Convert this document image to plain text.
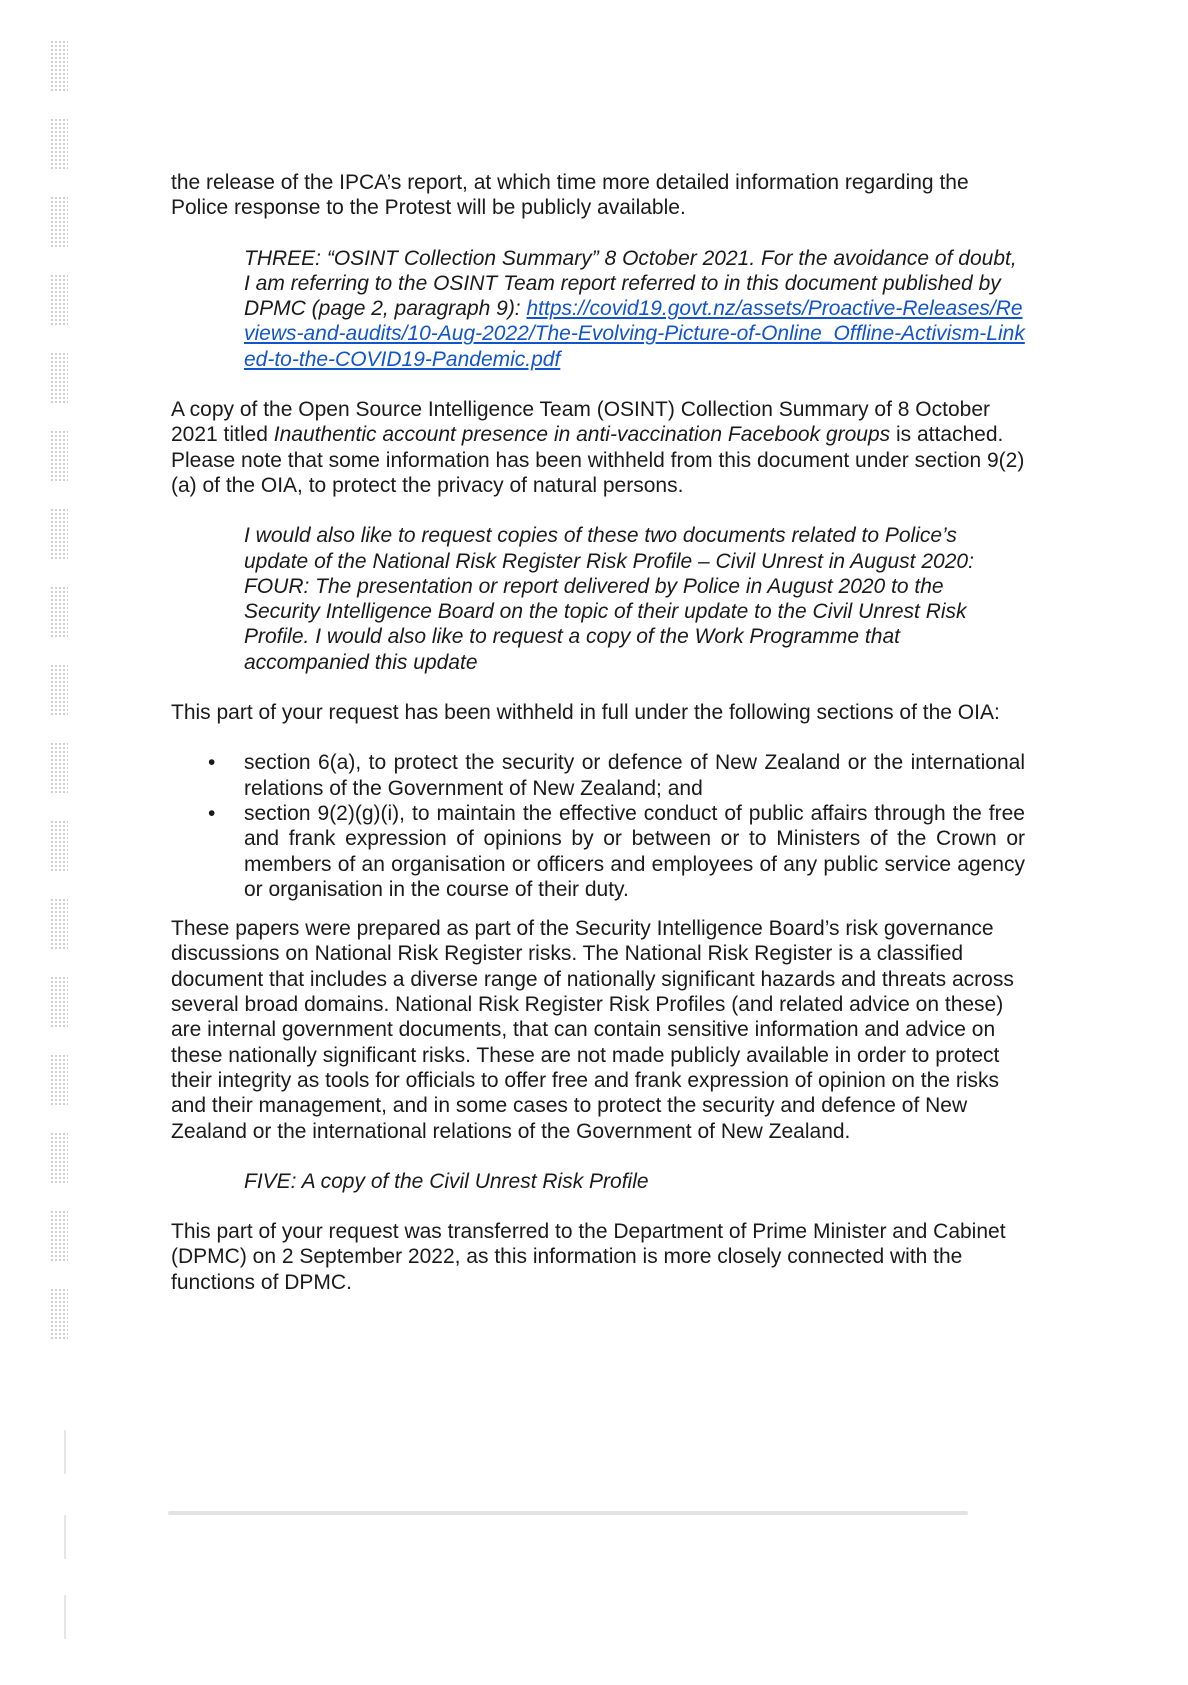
the release of the IPCA’s report, at which time more detailed information regarding the Police response to the Protest will be publicly available.

THREE: “OSINT Collection Summary” 8 October 2021. For the avoidance of doubt, I am referring to the OSINT Team report referred to in this document published by DPMC (page 2, paragraph 9): https://covid19.govt.nz/assets/Proactive-Releases/Reviews-and-audits/10-Aug-2022/The-Evolving-Picture-of-Online_Offline-Activism-Linked-to-the-COVID19-Pandemic.pdf

A copy of the Open Source Intelligence Team (OSINT) Collection Summary of 8 October 2021 titled Inauthentic account presence in anti-vaccination Facebook groups is attached. Please note that some information has been withheld from this document under section 9(2)(a) of the OIA, to protect the privacy of natural persons.

I would also like to request copies of these two documents related to Police’s update of the National Risk Register Risk Profile – Civil Unrest in August 2020: FOUR: The presentation or report delivered by Police in August 2020 to the Security Intelligence Board on the topic of their update to the Civil Unrest Risk Profile. I would also like to request a copy of the Work Programme that accompanied this update

This part of your request has been withheld in full under the following sections of the OIA:

• section 6(a), to protect the security or defence of New Zealand or the international relations of the Government of New Zealand; and
• section 9(2)(g)(i), to maintain the effective conduct of public affairs through the free and frank expression of opinions by or between or to Ministers of the Crown or members of an organisation or officers and employees of any public service agency or organisation in the course of their duty.

These papers were prepared as part of the Security Intelligence Board’s risk governance discussions on National Risk Register risks. The National Risk Register is a classified document that includes a diverse range of nationally significant hazards and threats across several broad domains. National Risk Register Risk Profiles (and related advice on these) are internal government documents, that can contain sensitive information and advice on these nationally significant risks. These are not made publicly available in order to protect their integrity as tools for officials to offer free and frank expression of opinion on the risks and their management, and in some cases to protect the security and defence of New Zealand or the international relations of the Government of New Zealand.

FIVE: A copy of the Civil Unrest Risk Profile

This part of your request was transferred to the Department of Prime Minister and Cabinet (DPMC) on 2 September 2022, as this information is more closely connected with the functions of DPMC.
